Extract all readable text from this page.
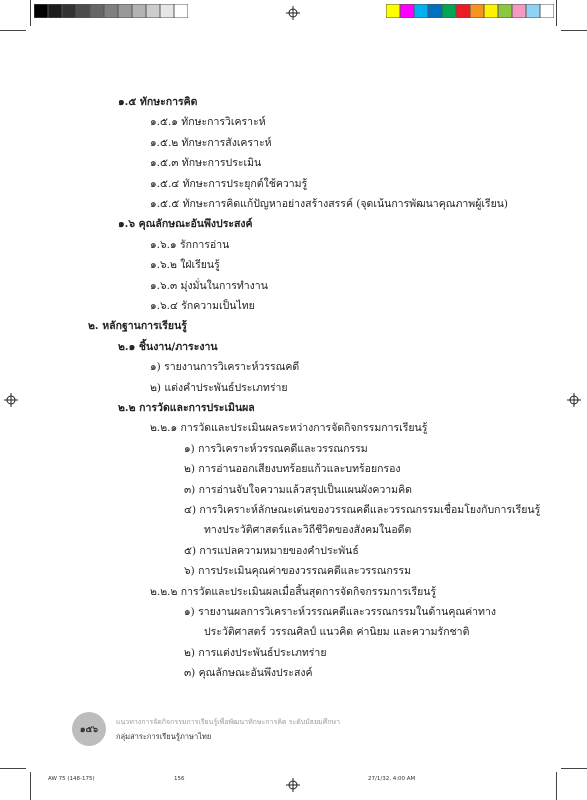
๑.๕ ทักษะการคิด
๑.๕.๑ ทักษะการวิเคราะห์
๑.๕.๒ ทักษะการสังเคราะห์
๑.๕.๓ ทักษะการประเมิน
๑.๕.๔ ทักษะการประยุกต์ใช้ความรู้
๑.๕.๕ ทักษะการคิดแก้ปัญหาอย่างสร้างสรรค์ (จุดเน้นการพัฒนาคุณภาพผู้เรียน)
๑.๖ คุณลักษณะอันพึงประสงค์
๑.๖.๑ รักการอ่าน
๑.๖.๒ ใฝ่เรียนรู้
๑.๖.๓ มุ่งมั่นในการทำงาน
๑.๖.๔ รักความเป็นไทย
๒. หลักฐานการเรียนรู้
๒.๑ ชิ้นงาน/ภาระงาน
๑) รายงานการวิเคราะห์วรรณคดี
๒) แต่งคำประพันธ์ประเภทร่าย
๒.๒ การวัดและการประเมินผล
๒.๒.๑ การวัดและประเมินผลระหว่างการจัดกิจกรรมการเรียนรู้
๑) การวิเคราะห์วรรณคดีและวรรณกรรม
๒) การอ่านออกเสียงบทร้อยแก้วและบทร้อยกรอง
๓) การอ่านจับใจความแล้วสรุปเป็นแผนผังความคิด
๔) การวิเคราะห์ลักษณะเด่นของวรรณคดีและวรรณกรรมเชื่อมโยงกับการเรียนรู้
ทางประวัติศาสตร์และวิถีชีวิตของสังคมในอดีต
๕) การแปลความหมายของคำประพันธ์
๖) การประเมินคุณค่าของวรรณคดีและวรรณกรรม
๒.๒.๒ การวัดและประเมินผลเมื่อสิ้นสุดการจัดกิจกรรมการเรียนรู้
๑) รายงานผลการวิเคราะห์วรรณคดีและวรรณกรรมในด้านคุณค่าทาง
ประวัติศาสตร์ วรรณศิลป์ แนวคิด ค่านิยม และความรักชาติ
๒) การแต่งประพันธ์ประเภทร่าย
๓) คุณลักษณะอันพึงประสงค์
๑๕๖
แนวทางการจัดกิจกรรมการเรียนรู้เพื่อพัฒนาทักษะการคิด ระดับมัธยมศึกษา
กลุ่มสาระการเรียนรู้ภาษาไทย
AW 75 (148-175)	156	27/1/32, 4:00 AM
